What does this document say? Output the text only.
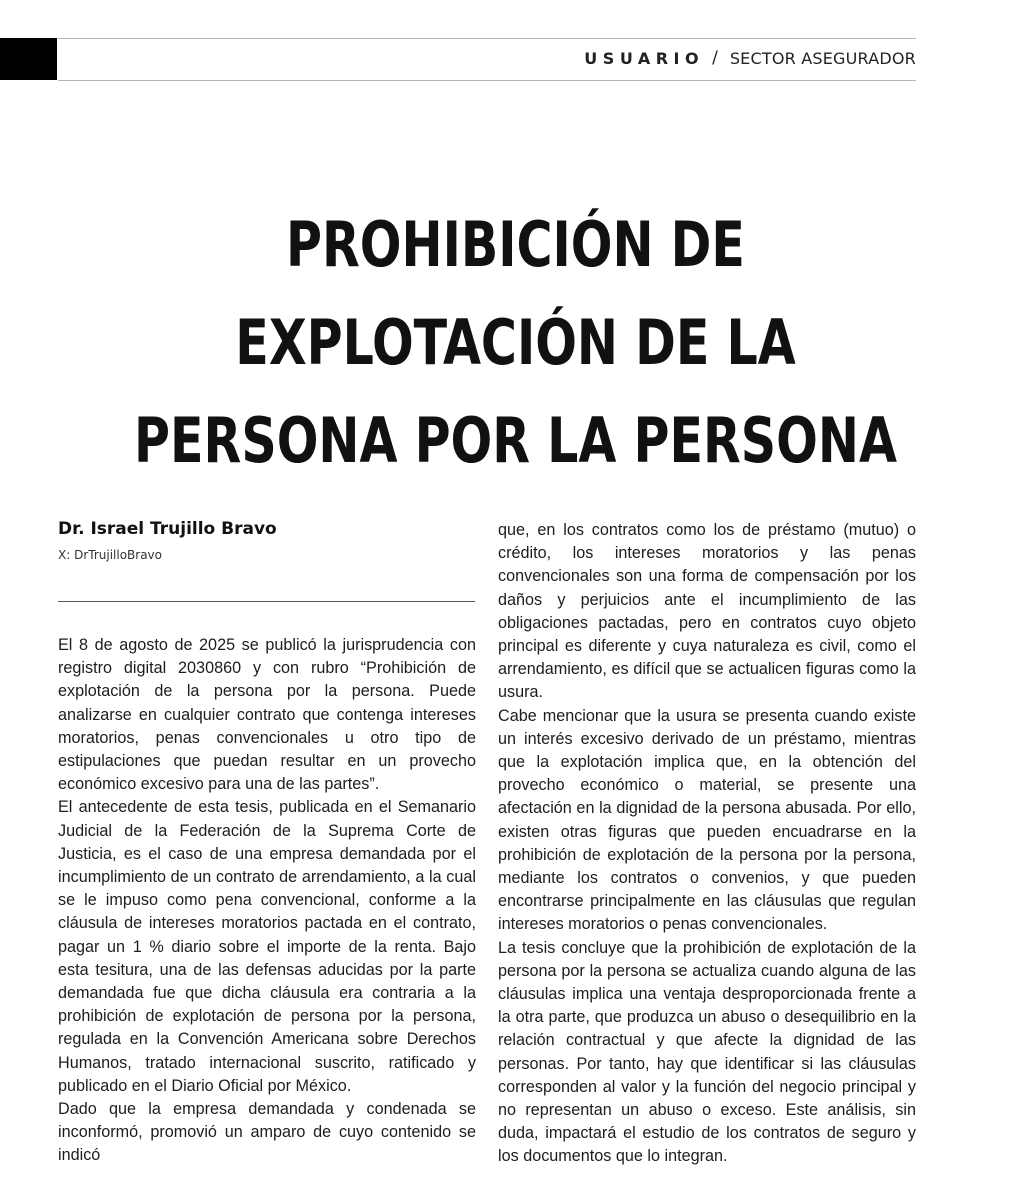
USUARIO / SECTOR ASEGURADOR
PROHIBICIÓN DE
EXPLOTACIÓN DE LA
PERSONA POR LA PERSONA
Dr. Israel Trujillo Bravo
X: DrTrujilloBravo

El 8 de agosto de 2025 se publicó la jurisprudencia con registro digital 2030860 y con rubro “Prohibición de explotación de la persona por la persona. Puede analizarse en cualquier contrato que contenga intereses moratorios, penas convencionales u otro tipo de estipulaciones que puedan resultar en un provecho económico excesivo para una de las partes”.

El antecedente de esta tesis, publicada en el Semanario Judicial de la Federación de la Suprema Corte de Justicia, es el caso de una empresa demandada por el incumplimiento de un contrato de arrendamiento, a la cual se le impuso como pena convencional, conforme a la cláusula de intereses moratorios pactada en el contrato, pagar un 1 % diario sobre el importe de la renta. Bajo esta tesitura, una de las defensas aducidas por la parte demandada fue que dicha cláusula era contraria a la prohibición de explotación de persona por la persona, regulada en la Convención Americana sobre Derechos Humanos, tratado internacional suscrito, ratificado y publicado en el Diario Oficial por México.

Dado que la empresa demandada y condenada se inconformó, promovió un amparo de cuyo contenido se indicó

que, en los contratos como los de préstamo (mutuo) o crédito, los intereses moratorios y las penas convencionales son una forma de compensación por los daños y perjuicios ante el incumplimiento de las obligaciones pactadas, pero en contratos cuyo objeto principal es diferente y cuya naturaleza es civil, como el arrendamiento, es difícil que se actualicen figuras como la usura.

Cabe mencionar que la usura se presenta cuando existe un interés excesivo derivado de un préstamo, mientras que la explotación implica que, en la obtención del provecho económico o material, se presente una afectación en la dignidad de la persona abusada. Por ello, existen otras figuras que pueden encuadrarse en la prohibición de explotación de la persona por la persona, mediante los contratos o convenios, y que pueden encontrarse principalmente en las cláusulas que regulan intereses moratorios o penas convencionales.

La tesis concluye que la prohibición de explotación de la persona por la persona se actualiza cuando alguna de las cláusulas implica una ventaja desproporcionada frente a la otra parte, que produzca un abuso o desequilibrio en la relación contractual y que afecte la dignidad de las personas. Por tanto, hay que identificar si las cláusulas corresponden al valor y la función del negocio principal y no representan un abuso o exceso. Este análisis, sin duda, impactará el estudio de los contratos de seguro y los documentos que lo integran.
